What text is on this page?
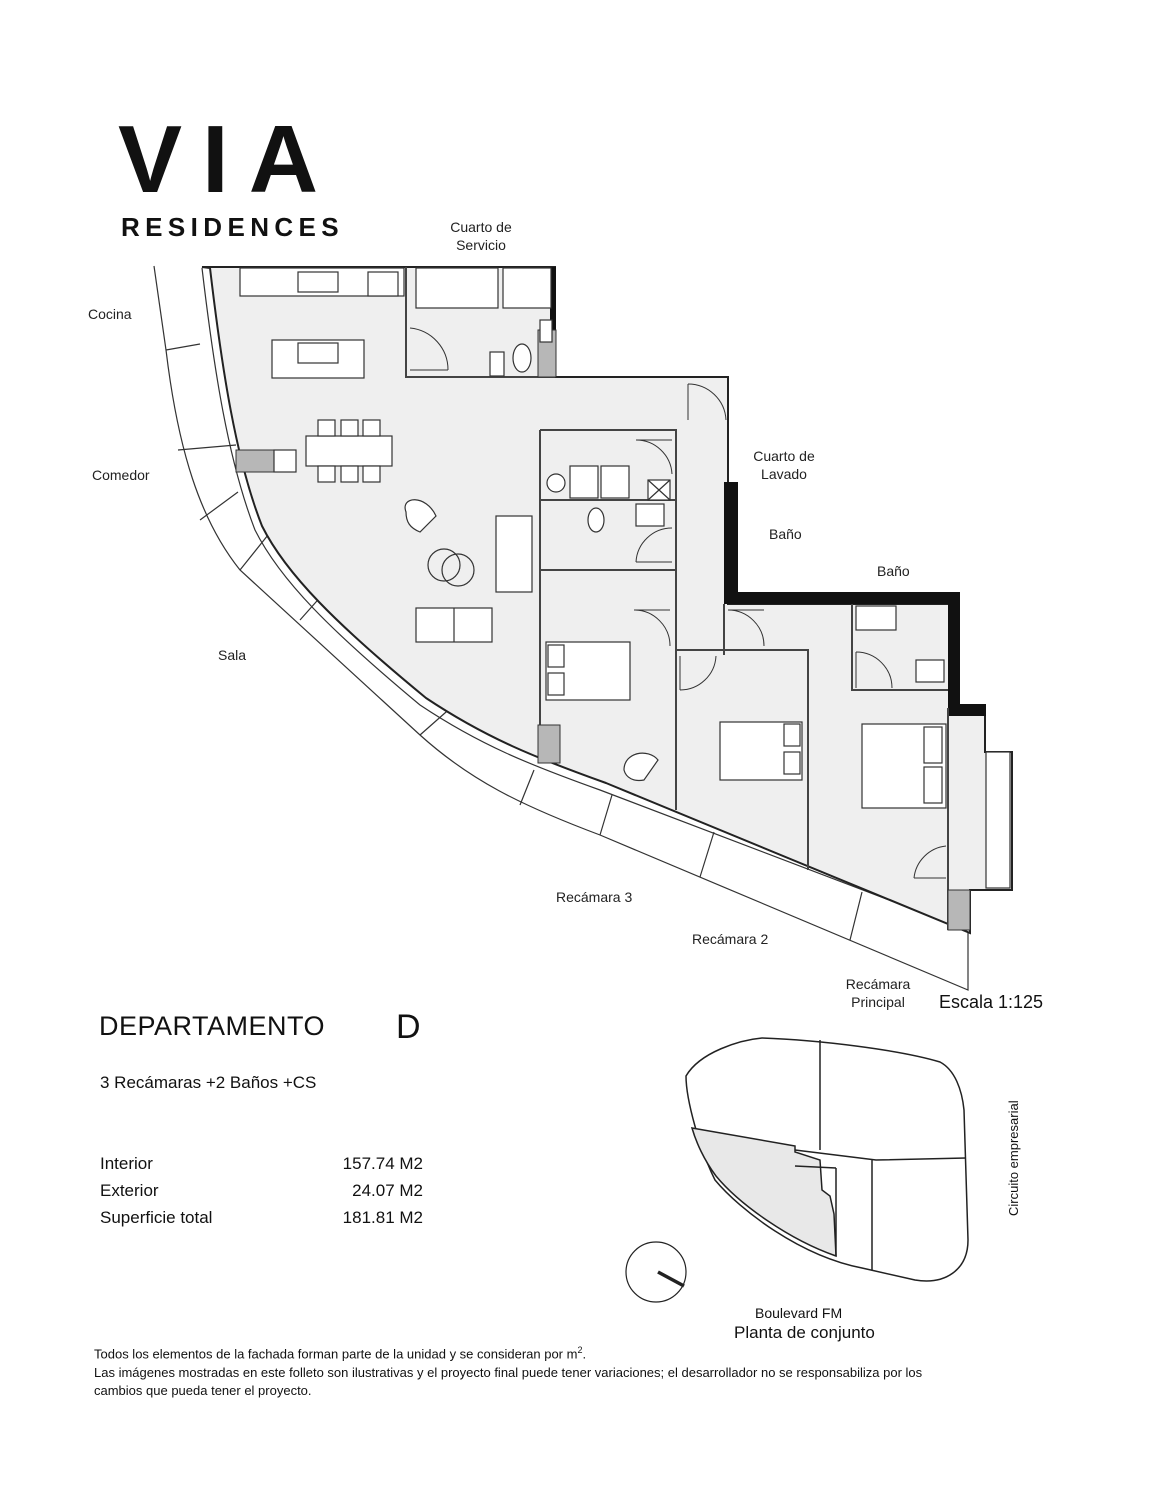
VIA
RESIDENCES	Cuarto de
Servicio
Cocina
Comedor
Sala
Cuarto de
Lavado
Baño
Baño
Recámara 3
Recámara 2
Recámara
Principal	Escala 1:125
DEPARTAMENTO D
3 Recámaras +2 Baños +CS
Interior	157.74 M2
Exterior	24.07 M2
Superficie total	181.81 M2
Boulevard FM
Planta de conjunto
Circuito empresarial
Todos los elementos de la fachada forman parte de la unidad y se consideran por $m^2$.
Las imágenes mostradas en este folleto son ilustrativas y el proyecto final puede tener variaciones; el desarrollador no se responsabiliza por los
cambios que pueda tener el proyecto.
